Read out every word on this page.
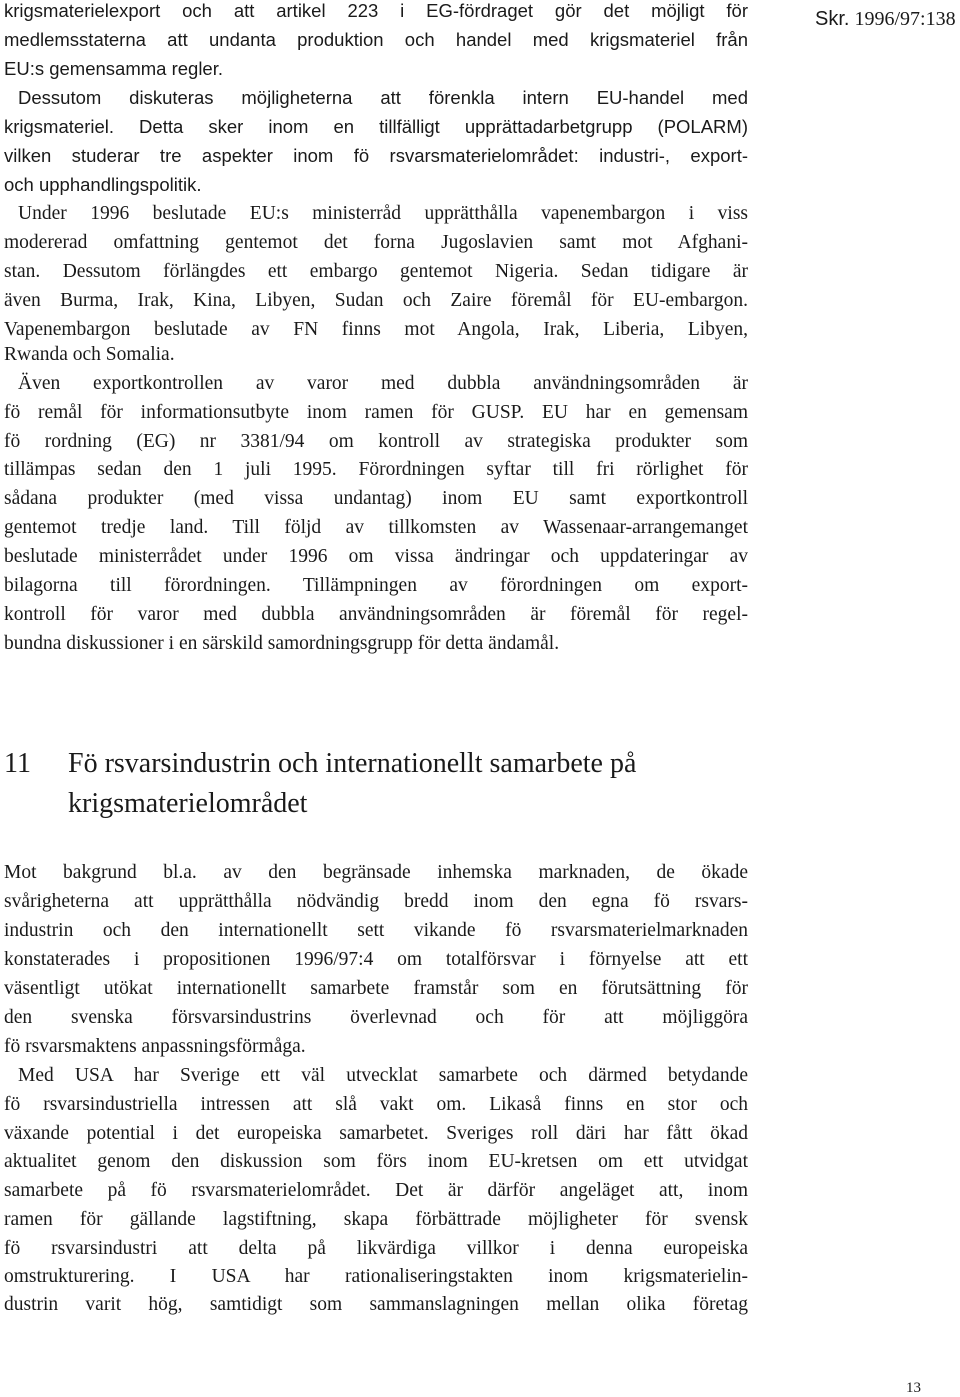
Skr. 1996/97:138

krigsmaterielexport och att artikel 223 i EG-fördraget gör det möjligt för

medlemsstaterna att undanta produktion och handel med krigsmateriel från

EU:s gemensamma regler.

Dessutom diskuteras möjligheterna att förenkla intern EU-handel med

krigsmateriel. Detta sker inom en tillfälligt upprättadarbetgrupp (POLARM)

vilken studerar tre aspekter inom fö rsvarsmaterielområdet: industri-, export-

och upphandlingspolitik.

Under 1996 beslutade EU:s ministerråd upprätthålla vapenembargon i viss

modererad omfattning gentemot det forna Jugoslavien samt mot Afghani-

stan. Dessutom förlängdes ett embargo gentemot Nigeria. Sedan tidigare är

även Burma, Irak, Kina, Libyen, Sudan och Zaire föremål för EU-embargon.

Vapenembargon beslutade av FN finns mot Angola, Irak, Liberia, Libyen,

Rwanda och Somalia.

Även exportkontrollen av varor med dubbla användningsområden är

fö remål för informationsutbyte inom ramen för GUSP. EU har en gemensam

fö rordning (EG) nr 3381/94 om kontroll av strategiska produkter som

tillämpas sedan den 1 juli 1995. Förordningen syftar till fri rörlighet för

sådana produkter (med vissa undantag) inom EU samt exportkontroll

gentemot tredje land. Till följd av tillkomsten av Wassenaar-arrangemanget

beslutade ministerrådet under 1996 om vissa ändringar och uppdateringar av

bilagorna till förordningen. Tillämpningen av förordningen om export-

kontroll för varor med dubbla användningsområden är föremål för regel-

bundna diskussioner i en särskild samordningsgrupp för detta ändamål.

11 Fö rsvarsindustrin och internationellt samarbete på
krigsmaterielområdet

Mot bakgrund bl.a. av den begränsade inhemska marknaden, de ökade

svårigheterna att upprätthålla nödvändig bredd inom den egna fö rsvars-

industrin och den internationellt sett vikande fö rsvarsmaterielmarknaden

konstaterades i propositionen 1996/97:4 om totalförsvar i förnyelse att ett

väsentligt utökat internationellt samarbete framstår som en förutsättning för

den svenska försvarsindustrins överlevnad och för att möjliggöra

fö rsvarsmaktens anpassningsförmåga.

Med USA har Sverige ett väl utvecklat samarbete och därmed betydande

fö rsvarsindustriella intressen att slå vakt om. Likaså finns en stor och

växande potential i det europeiska samarbetet. Sveriges roll däri har fått ökad

aktualitet genom den diskussion som förs inom EU-kretsen om ett utvidgat

samarbete på fö rsvarsmaterielområdet. Det är därför angeläget att, inom

ramen för gällande lagstiftning, skapa förbättrade möjligheter för svensk

fö rsvarsindustri att delta på likvärdiga villkor i denna europeiska

omstrukturering. I USA har rationaliseringstakten inom krigsmaterielin-

dustrin varit hög, samtidigt som sammanslagningen mellan olika företag

13
